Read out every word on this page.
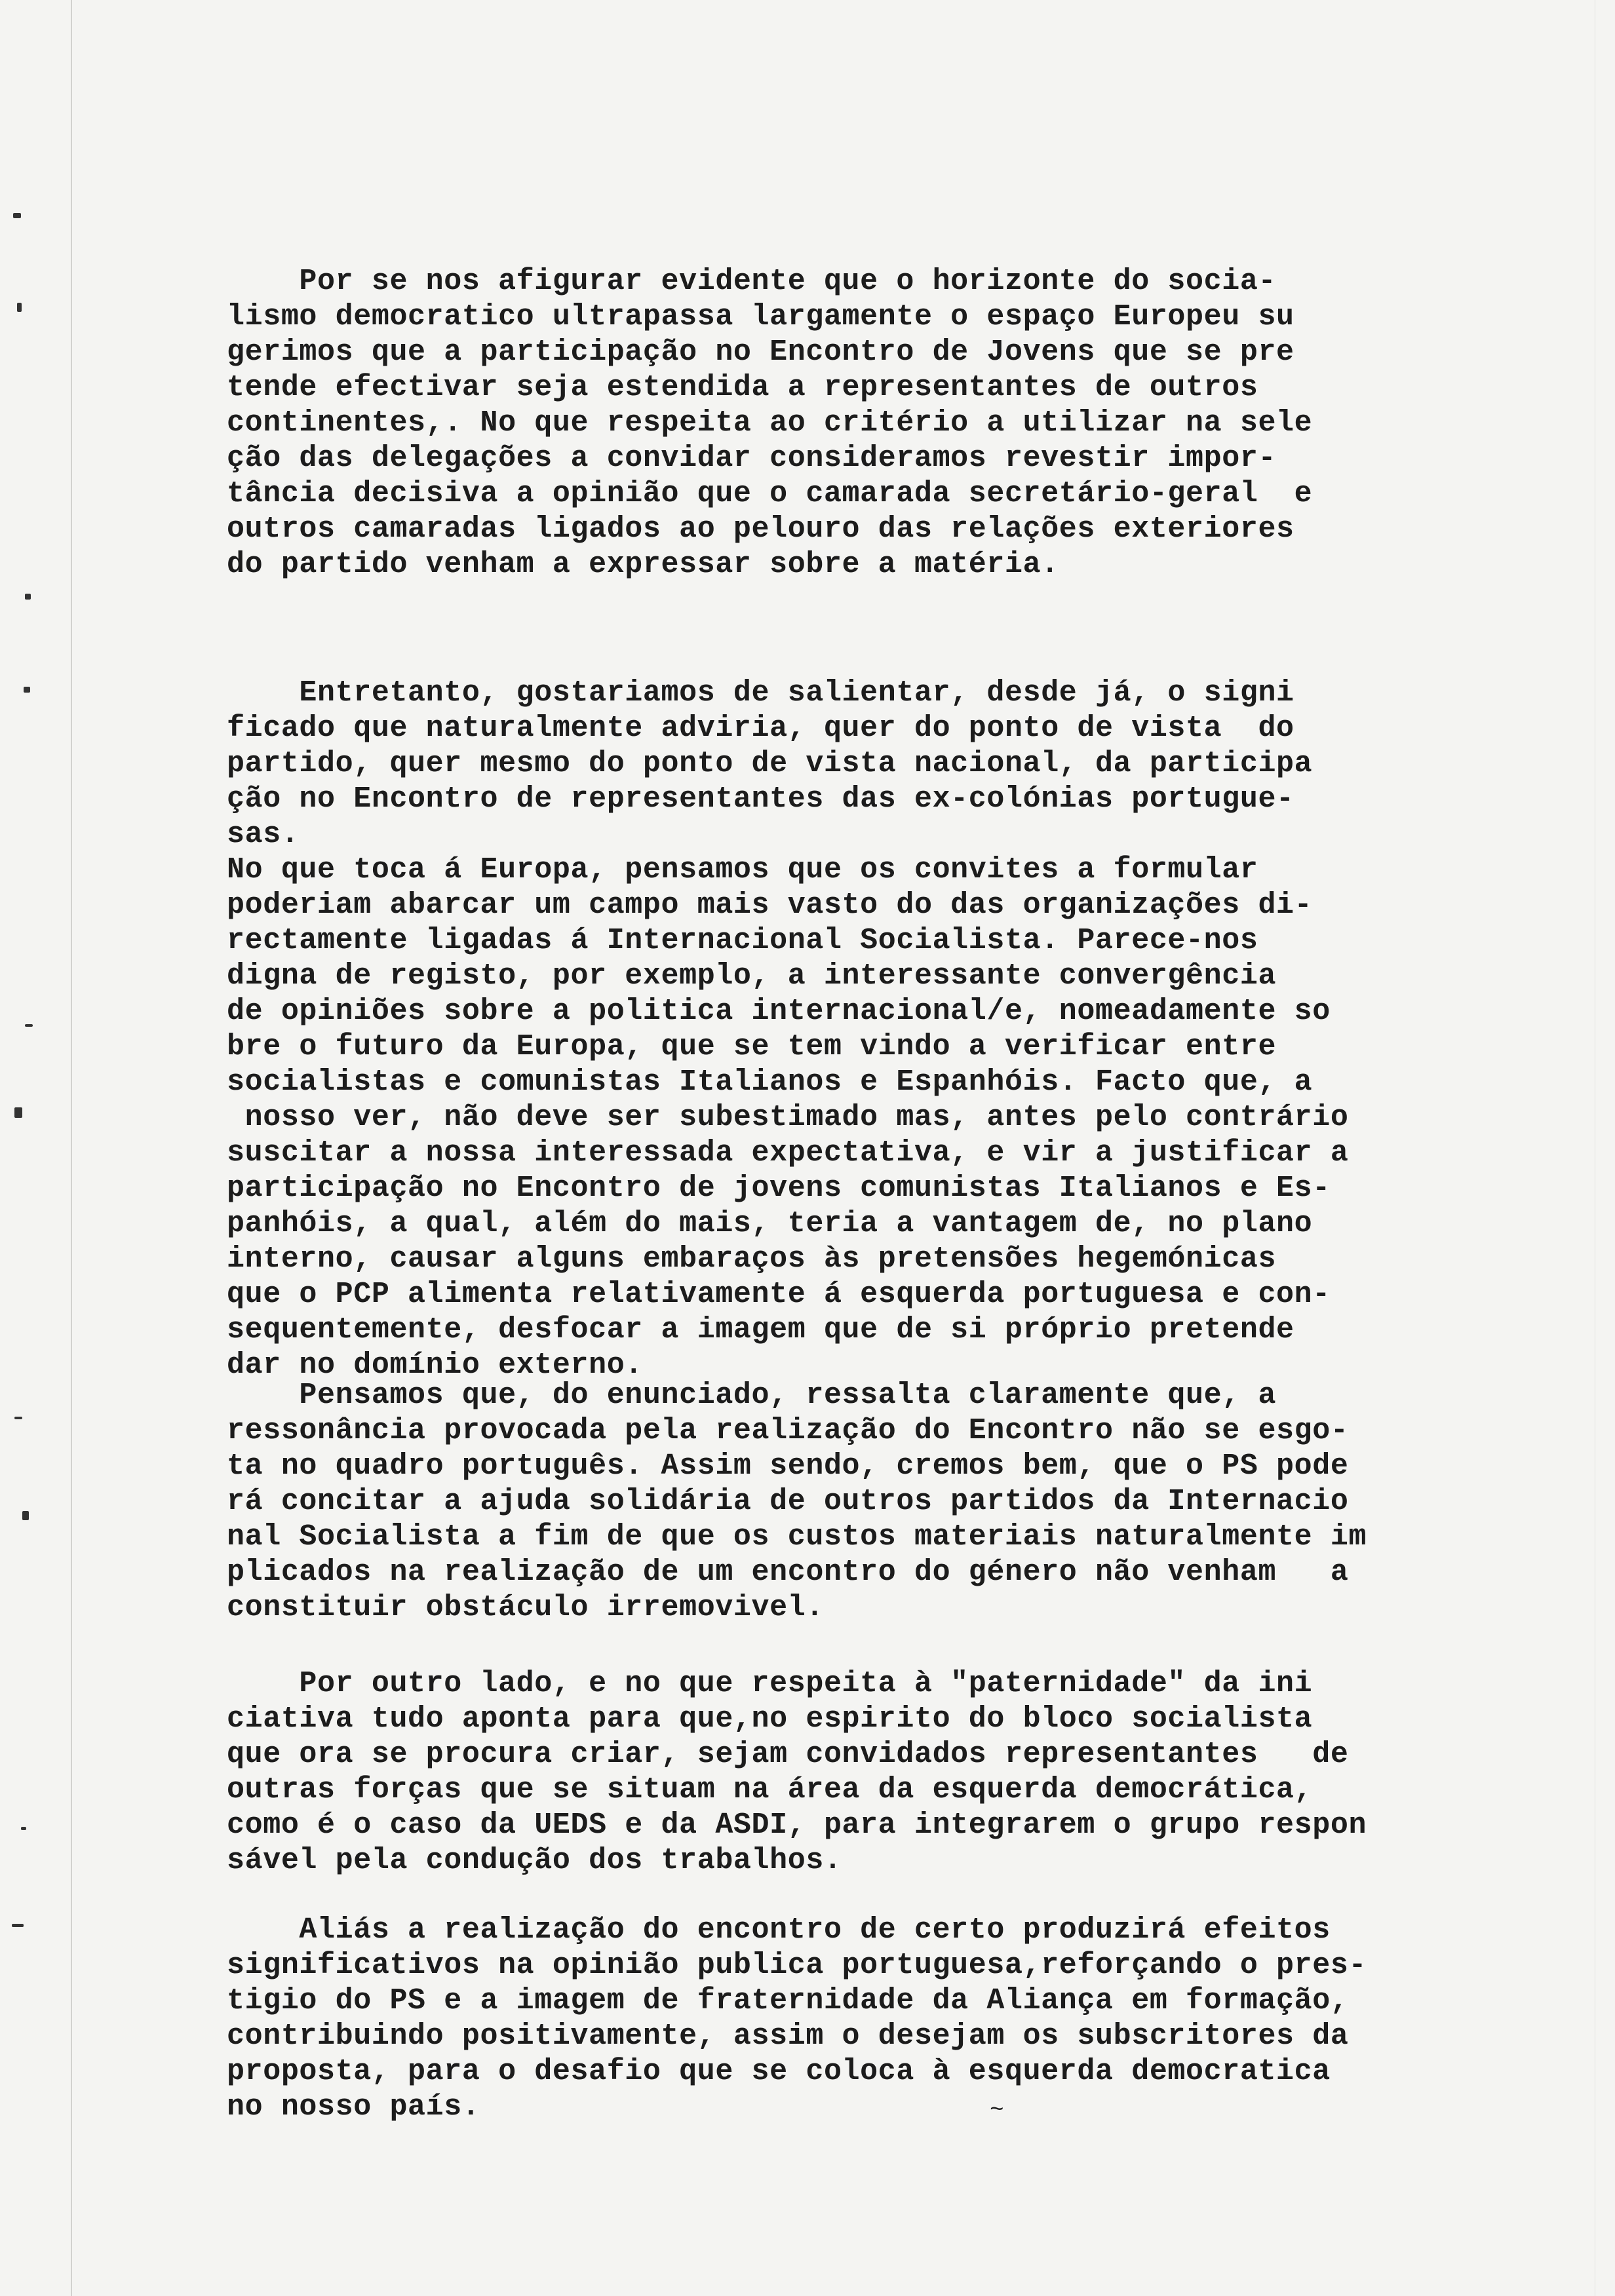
Por se nos afigurar evidente que o horizonte do socia-
lismo democratico ultrapassa largamente o espaço Europeu su
gerimos que a participação no Encontro de Jovens que se pre
tende efectivar seja estendida a representantes de outros
continentes,. No que respeita ao critério a utilizar na sele
ção das delegações a convidar consideramos revestir impor-
tância decisiva a opinião que o camarada secretário-geral  e
outros camaradas ligados ao pelouro das relações exteriores
do partido venham a expressar sobre a matéria.
Entretanto, gostariamos de salientar, desde já, o signi
ficado que naturalmente adviria, quer do ponto de vista  do
partido, quer mesmo do ponto de vista nacional, da participa
ção no Encontro de representantes das ex-colónias portugue-
sas.
No que toca á Europa, pensamos que os convites a formular
poderiam abarcar um campo mais vasto do das organizações di-
rectamente ligadas á Internacional Socialista. Parece-nos
digna de registo, por exemplo, a interessante convergência
de opiniões sobre a politica internacional/e, nomeadamente so
bre o futuro da Europa, que se tem vindo a verificar entre
socialistas e comunistas Italianos e Espanhóis. Facto que, a
nosso ver, não deve ser subestimado mas, antes pelo contrário
suscitar a nossa interessada expectativa, e vir a justificar a
participação no Encontro de jovens comunistas Italianos e Es-
panhóis, a qual, além do mais, teria a vantagem de, no plano
interno, causar alguns embaraços às pretensões hegemónicas
que o PCP alimenta relativamente á esquerda portuguesa e con-
sequentemente, desfocar a imagem que de si próprio pretende
dar no domínio externo.
Pensamos que, do enunciado, ressalta claramente que, a
ressonância provocada pela realização do Encontro não se esgo-
ta no quadro português. Assim sendo, cremos bem, que o PS pode
rá concitar a ajuda solidária de outros partidos da Internacio
nal Socialista a fim de que os custos materiais naturalmente im
plicados na realização de um encontro do género não venham   a
constituir obstáculo irremovivel.
Por outro lado, e no que respeita à "paternidade" da ini
ciativa tudo aponta para que,no espirito do bloco socialista
que ora se procura criar, sejam convidados representantes   de
outras forças que se situam na área da esquerda democrática,
como é o caso da UEDS e da ASDI, para integrarem o grupo respon
sável pela condução dos trabalhos.
Aliás a realização do encontro de certo produzirá efeitos
significativos na opinião publica portuguesa,reforçando o pres-
tigio do PS e a imagem de fraternidade da Aliança em formação,
contribuindo positivamente, assim o desejam os subscritores da
proposta, para o desafio que se coloca à esquerda democratica
no nosso país.	~
